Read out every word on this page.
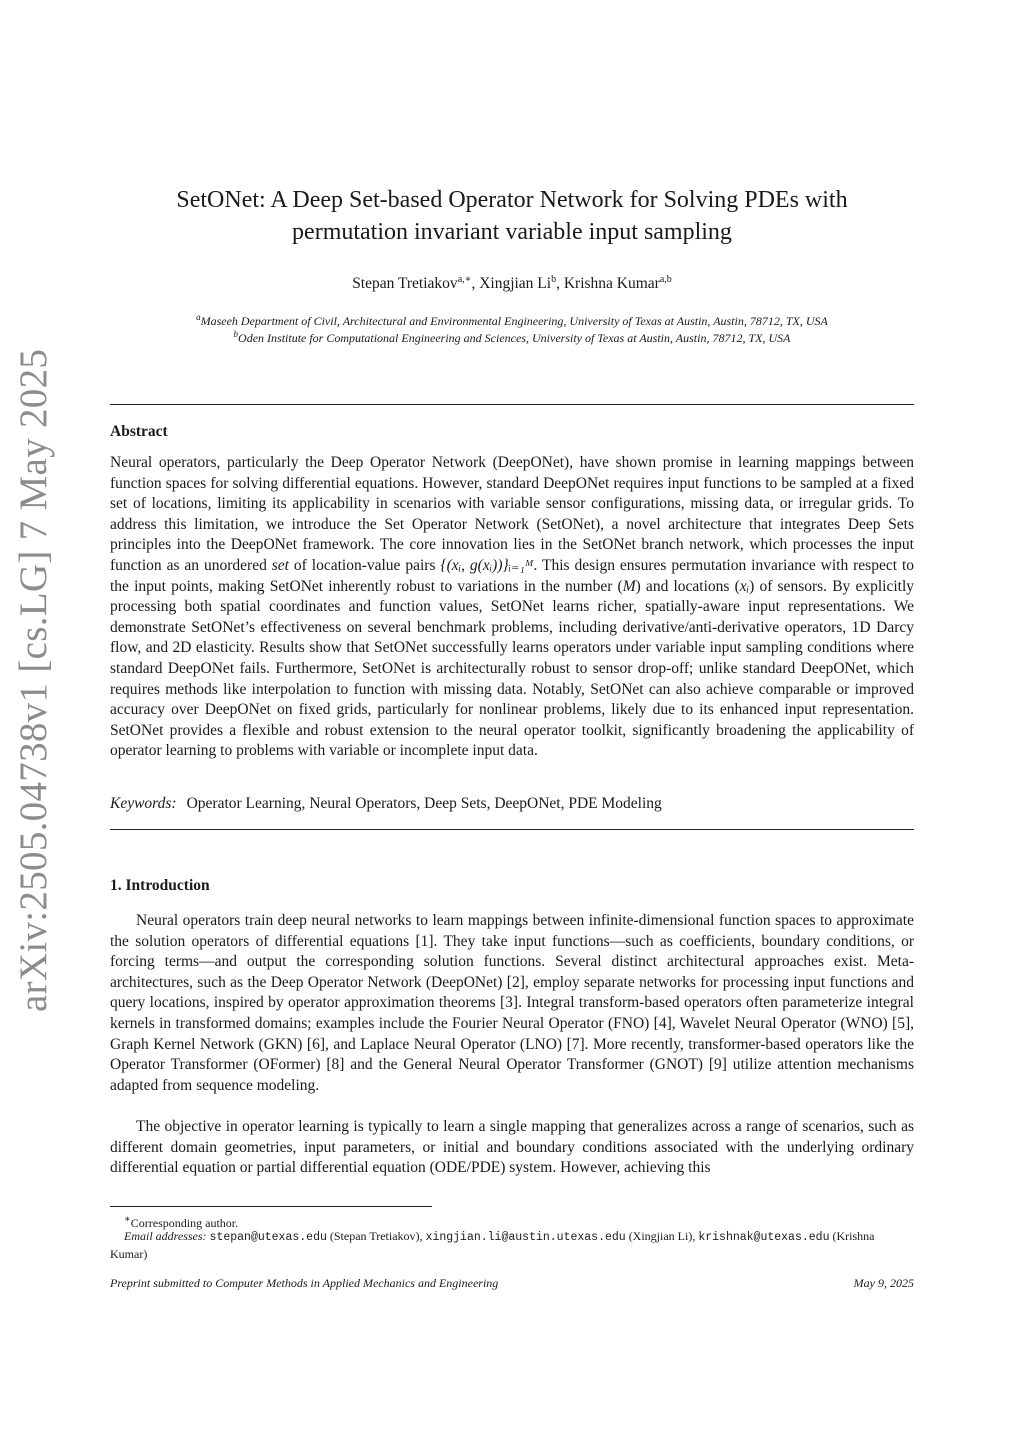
arXiv:2505.04738v1 [cs.LG] 7 May 2025
SetONet: A Deep Set-based Operator Network for Solving PDEs with
permutation invariant variable input sampling
Stepan Tretiakov$^{a,∗}$, Xingjian Li$^b$, Krishna Kumar$^{a,b}$
$^a$Maseeh Department of Civil, Architectural and Environmental Engineering, University of Texas at Austin, Austin, 78712, TX, USA
$^b$Oden Institute for Computational Engineering and Sciences, University of Texas at Austin, Austin, 78712, TX, USA
Abstract
Neural operators, particularly the Deep Operator Network (DeepONet), have shown promise in learning mappings between function spaces for solving differential equations. However, standard DeepONet requires input functions to be sampled at a fixed set of locations, limiting its applicability in scenarios with variable sensor configurations, missing data, or irregular grids. To address this limitation, we introduce the Set Operator Network (SetONet), a novel architecture that integrates Deep Sets principles into the DeepONet framework. The core innovation lies in the SetONet branch network, which processes the input function as an unordered set of location-value pairs {(xᵢ, g(xᵢ))}ᵢ₌₁ᴹ. This design ensures permutation invariance with respect to the input points, making SetONet inherently robust to variations in the number (M) and locations (xᵢ) of sensors. By explicitly processing both spatial coordinates and function values, SetONet learns richer, spatially-aware input representations. We demonstrate SetONet’s effectiveness on several benchmark problems, including derivative/anti-derivative operators, 1D Darcy flow, and 2D elasticity. Results show that SetONet successfully learns operators under variable input sampling conditions where standard DeepONet fails. Furthermore, SetONet is architecturally robust to sensor drop-off; unlike standard DeepONet, which requires methods like interpolation to function with missing data. Notably, SetONet can also achieve comparable or improved accuracy over DeepONet on fixed grids, particularly for nonlinear problems, likely due to its enhanced input representation. SetONet provides a flexible and robust extension to the neural operator toolkit, significantly broadening the applicability of operator learning to problems with variable or incomplete input data.
Keywords: Operator Learning, Neural Operators, Deep Sets, DeepONet, PDE Modeling
1. Introduction
Neural operators train deep neural networks to learn mappings between infinite-dimensional function spaces to approximate the solution operators of differential equations [1]. They take input functions—such as coefficients, boundary conditions, or forcing terms—and output the corresponding solution functions. Several distinct architectural approaches exist. Meta-architectures, such as the Deep Operator Network (DeepONet) [2], employ separate networks for processing input functions and query locations, inspired by operator approximation theorems [3]. Integral transform-based operators often parameterize integral kernels in transformed domains; examples include the Fourier Neural Operator (FNO) [4], Wavelet Neural Operator (WNO) [5], Graph Kernel Network (GKN) [6], and Laplace Neural Operator (LNO) [7]. More recently, transformer-based operators like the Operator Transformer (OFormer) [8] and the General Neural Operator Transformer (GNOT) [9] utilize attention mechanisms adapted from sequence modeling.
The objective in operator learning is typically to learn a single mapping that generalizes across a range of scenarios, such as different domain geometries, input parameters, or initial and boundary conditions associated with the underlying ordinary differential equation or partial differential equation (ODE/PDE) system. However, achieving this
∗Corresponding author.
Email addresses: stepan@utexas.edu (Stepan Tretiakov), xingjian.li@austin.utexas.edu (Xingjian Li), krishnak@utexas.edu (Krishna Kumar)
Preprint submitted to Computer Methods in Applied Mechanics and Engineering	May 9, 2025
